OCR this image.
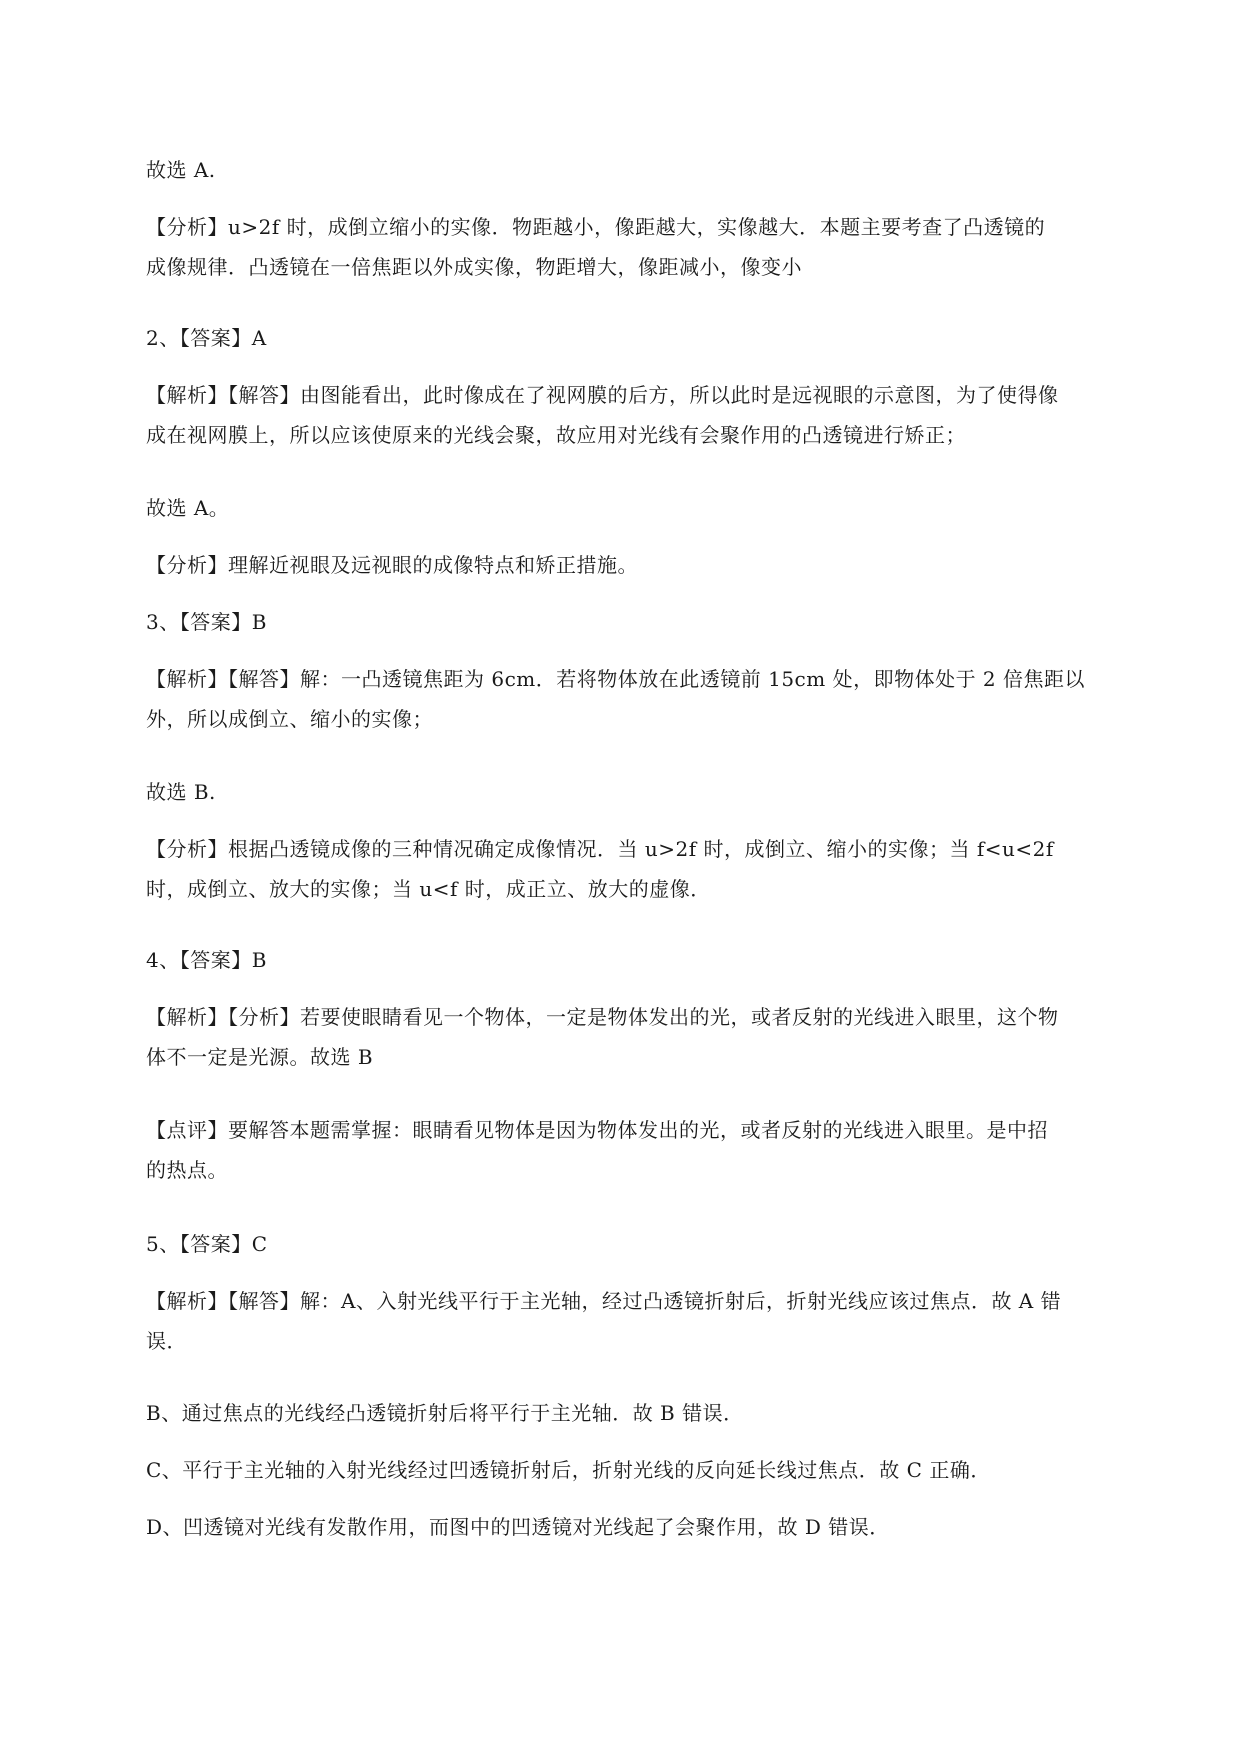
故选 A.
【分析】u>2f 时，成倒立缩小的实像．物距越小，像距越大，实像越大．本题主要考查了凸透镜的
成像规律．凸透镜在一倍焦距以外成实像，物距增大，像距减小，像变小
2、【答案】A
【解析】【解答】由图能看出，此时像成在了视网膜的后方，所以此时是远视眼的示意图，为了使得像
成在视网膜上，所以应该使原来的光线会聚，故应用对光线有会聚作用的凸透镜进行矫正；
故选 A。
【分析】理解近视眼及远视眼的成像特点和矫正措施。
3、【答案】B
【解析】【解答】解：一凸透镜焦距为 6cm．若将物体放在此透镜前 15cm 处，即物体处于 2 倍焦距以
外，所以成倒立、缩小的实像；
故选 B.
【分析】根据凸透镜成像的三种情况确定成像情况．当 u>2f 时，成倒立、缩小的实像；当 f<u<2f
时，成倒立、放大的实像；当 u<f 时，成正立、放大的虚像．
4、【答案】B
【解析】【分析】若要使眼睛看见一个物体，一定是物体发出的光，或者反射的光线进入眼里，这个物
体不一定是光源。故选 B
【点评】要解答本题需掌握：眼睛看见物体是因为物体发出的光，或者反射的光线进入眼里。是中招
的热点。
5、【答案】C
【解析】【解答】解：A、入射光线平行于主光轴，经过凸透镜折射后，折射光线应该过焦点．故 A 错
误．
B、通过焦点的光线经凸透镜折射后将平行于主光轴．故 B 错误．
C、平行于主光轴的入射光线经过凹透镜折射后，折射光线的反向延长线过焦点．故 C 正确．
D、凹透镜对光线有发散作用，而图中的凹透镜对光线起了会聚作用，故 D 错误．
